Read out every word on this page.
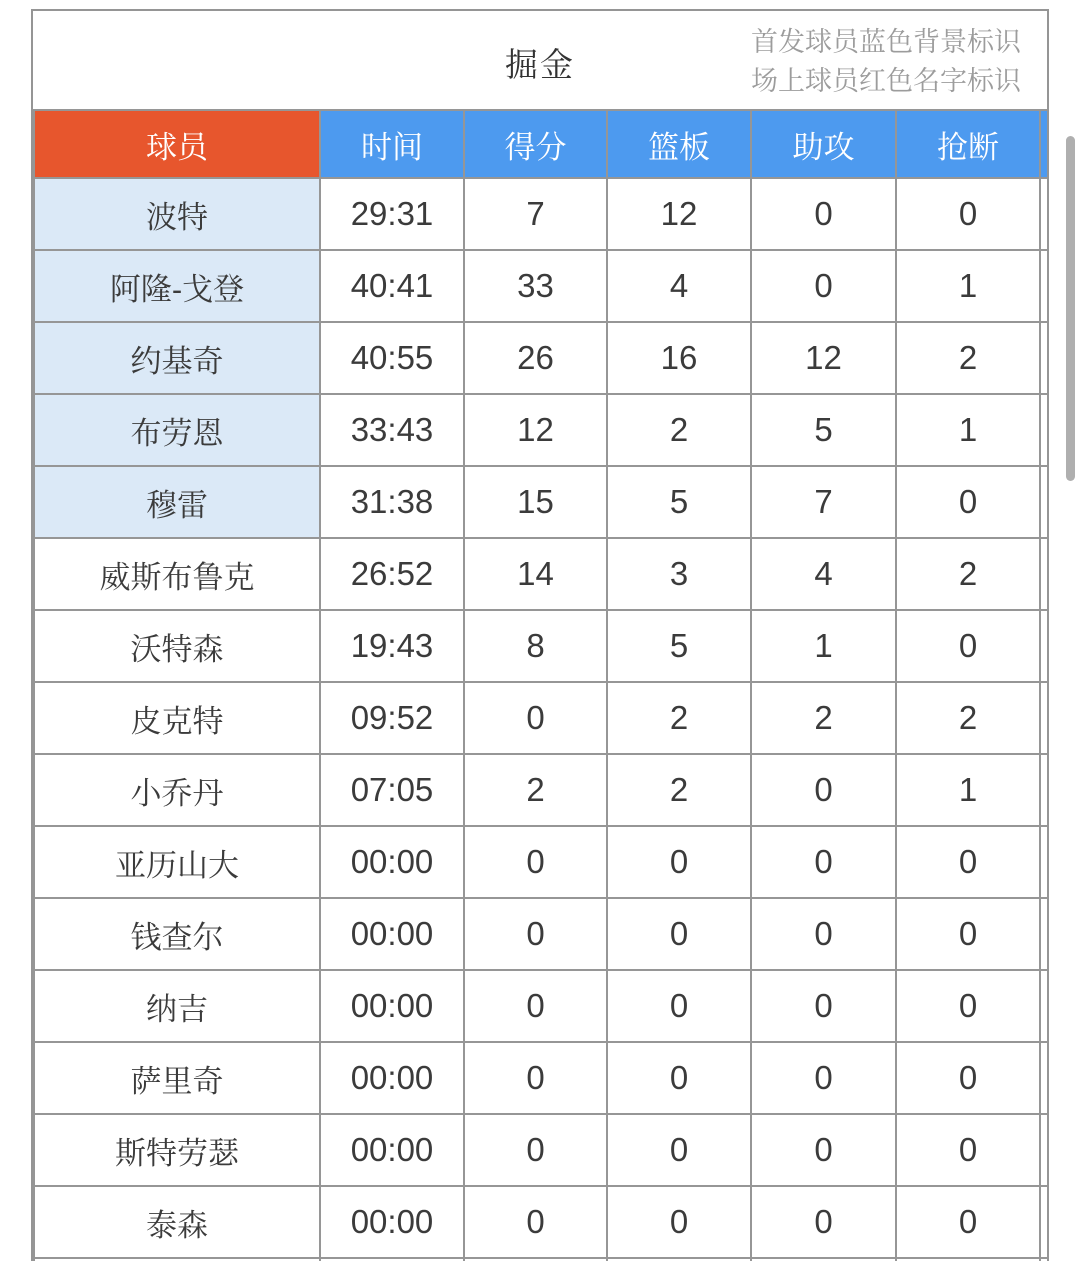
掘金
首发球员蓝色背景标识
场上球员红色名字标识
球员	时间	得分	篮板	助攻	抢断	
波特	29:31	7	12	0	0	
阿隆-戈登	40:41	33	4	0	1	
约基奇	40:55	26	16	12	2	
布劳恩	33:43	12	2	5	1	
穆雷	31:38	15	5	7	0	
威斯布鲁克	26:52	14	3	4	2	
沃特森	19:43	8	5	1	0	
皮克特	09:52	0	2	2	2	
小乔丹	07:05	2	2	0	1	
亚历山大	00:00	0	0	0	0	
钱查尔	00:00	0	0	0	0	
纳吉	00:00	0	0	0	0	
萨里奇	00:00	0	0	0	0	
斯特劳瑟	00:00	0	0	0	0	
泰森	00:00	0	0	0	0	
